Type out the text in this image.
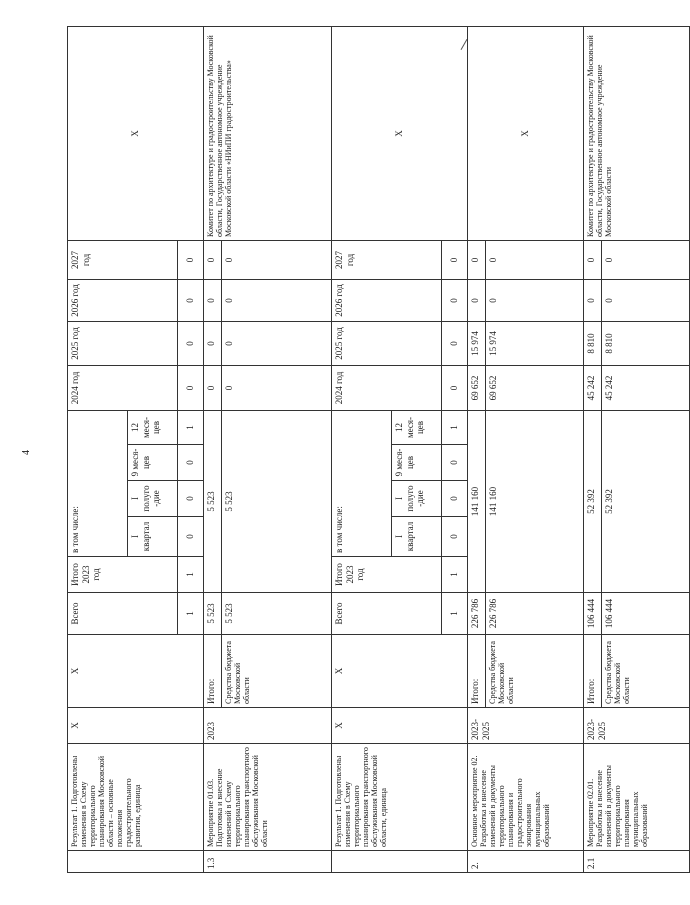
4
	Результат 1. Подготовлены изменения в Схему территориального планирования Московской области – основные положения градостроительного развития, единица	X	X	Всего	Итого 2023 год	в том числе:				2024 год	2025 год	2026 год	2027 год	X
						I квартал	I полуго-дие	9 меся-цев	12 меся-цев					
				1	1	0	0	0	1	0	0	0	0	
1.3	Мероприятие 01.03. Подготовка и внесение изменений в Схему территориального планирования транспортного обслуживания Московской области	2023	Итого:	5 523	5 523					0	0	0	0	Комитет по архитектуре и градостроительству Московской области, Государственное автономное учреждение Московской области «НИиПИ градостроительства»
			Средства бюджета Московской области	5 523	5 523					0	0	0	0	
	Результат 1. Подготовлены изменения в Схему территориального планирования транспортного обслуживания Московской области, единица	X	X	Всего	Итого 2023 год	в том числе:				2024 год	2025 год	2026 год	2027 год	X
						I квартал	I полуго-дие	9 меся-цев	12 меся-цев					
				1	1	0	0	0	1	0	0	0	0	
2.	Основное мероприятие 02. Разработка и внесение изменений в документы территориального планирования и градостроительного зонирования муниципальных образований	2023-2025	Итого:	226 786	141 160					69 652	15 974	0	0	X
			Средства бюджета Московской области	226 786	141 160					69 652	15 974	0	0	
2.1	Мероприятие 02.01. Разработка и внесение изменений в документы территориального планирования муниципальных образований	2023-2025	Итого:	106 444	52 392					45 242	8 810	0	0	Комитет по архитектуре и градостроительству Московской области, Государственное автономное учреждение Московской области
			Средства бюджета Московской области	106 444	52 392					45 242	8 810	0	0	
